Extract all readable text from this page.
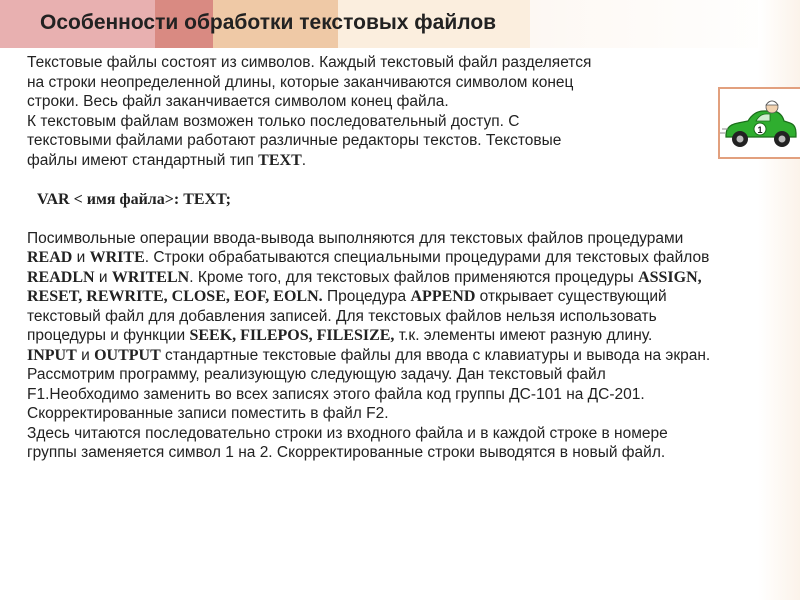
Особенности обработки текстовых файлов
1

Текстовые файлы состоят из символов. Каждый текстовый файл разделяется
на строки неопределенной длины, которые заканчиваются символом конец
строки. Весь файл заканчивается символом конец файла.

К текстовым файлам возможен только последовательный доступ. С
текстовыми файлами работают различные редакторы текстов. Текстовые
файлы имеют стандартный тип TEXT.

VAR < имя файла>: TEXT;

Посимвольные операции ввода-вывода выполняются для текстовых файлов процедурами READ и WRITE. Строки обрабатываются специальными процедурами для текстовых файлов READLN и WRITELN. Кроме того, для текстовых файлов применяются процедуры ASSIGN, RESET, REWRITE, CLOSE, EOF, EOLN. Процедура APPEND открывает существующий текстовый файл для добавления записей. Для текстовых файлов нельзя использовать процедуры и функции SEEK, FILEPOS, FILESIZE, т.к. элементы имеют разную длину.

INPUT и OUTPUT стандартные текстовые файлы для ввода с клавиатуры и вывода на экран.

Рассмотрим программу, реализующую следующую задачу. Дан текстовый файл F1.Необходимо заменить во всех записях этого файла код группы ДС-101 на ДС-201. Скорректированные записи поместить в файл F2.

Здесь читаются последовательно строки из входного файла и в каждой строке в номере группы заменяется символ 1 на 2. Скорректированные строки выводятся в новый файл.
